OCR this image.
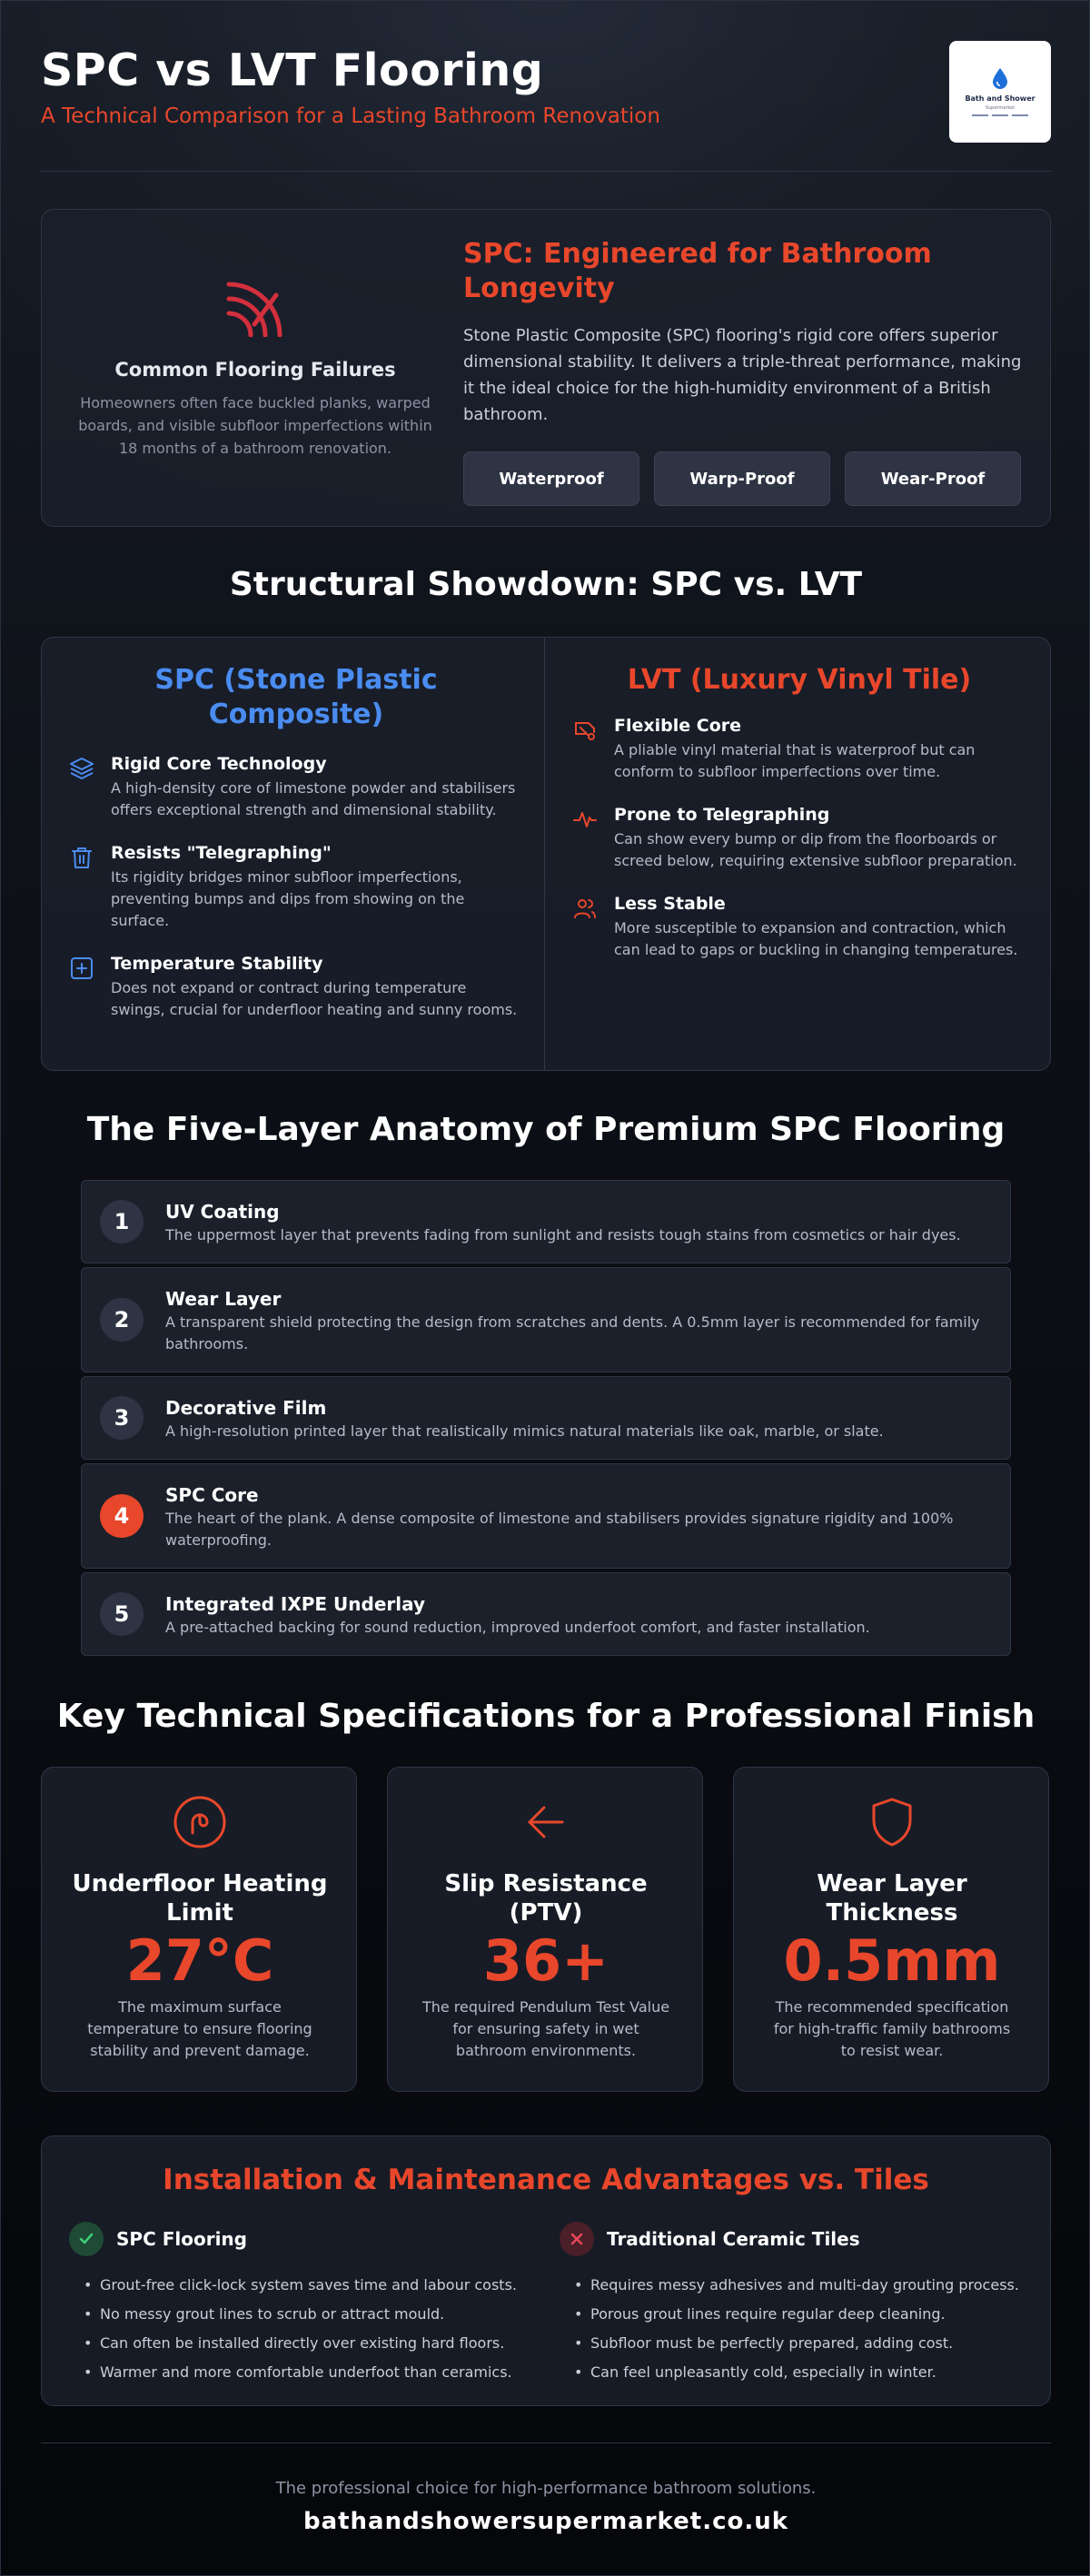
SPC vs LVT Flooring
A Technical Comparison for a Lasting Bathroom Renovation
Bath and Shower
Supermarket
Common Flooring Failures
Homeowners often face buckled planks, warped boards, and visible subfloor imperfections within 18 months of a bathroom renovation.
SPC: Engineered for Bathroom Longevity
Stone Plastic Composite (SPC) flooring's rigid core offers superior dimensional stability. It delivers a triple-threat performance, making it the ideal choice for the high-humidity environment of a British bathroom.
Waterproof	Warp-Proof	Wear-Proof
Structural Showdown: SPC vs. LVT
SPC (Stone Plastic Composite)
Rigid Core Technology
A high-density core of limestone powder and stabilisers offers exceptional strength and dimensional stability.
Resists "Telegraphing"
Its rigidity bridges minor subfloor imperfections, preventing bumps and dips from showing on the surface.
Temperature Stability
Does not expand or contract during temperature swings, crucial for underfloor heating and sunny rooms.
LVT (Luxury Vinyl Tile)
Flexible Core
A pliable vinyl material that is waterproof but can conform to subfloor imperfections over time.
Prone to Telegraphing
Can show every bump or dip from the floorboards or screed below, requiring extensive subfloor preparation.
Less Stable
More susceptible to expansion and contraction, which can lead to gaps or buckling in changing temperatures.
The Five-Layer Anatomy of Premium SPC Flooring
1	UV Coating
The uppermost layer that prevents fading from sunlight and resists tough stains from cosmetics or hair dyes.
2
Wear Layer
A transparent shield protecting the design from scratches and dents. A 0.5mm layer is recommended for family bathrooms.
3	Decorative Film
A high-resolution printed layer that realistically mimics natural materials like oak, marble, or slate.
4
SPC Core
The heart of the plank. A dense composite of limestone and stabilisers provides signature rigidity and 100% waterproofing.
5	Integrated IXPE Underlay
A pre-attached backing for sound reduction, improved underfoot comfort, and faster installation.
Key Technical Specifications for a Professional Finish
Underfloor Heating Limit
27°C
The maximum surface temperature to ensure flooring stability and prevent damage.
Slip Resistance (PTV)
36+
The required Pendulum Test Value for ensuring safety in wet bathroom environments.
Wear Layer Thickness
0.5mm
The recommended specification for high-traffic family bathrooms to resist wear.
Installation & Maintenance Advantages vs. Tiles
SPC Flooring
• Grout-free click-lock system saves time and labour costs.
• No messy grout lines to scrub or attract mould.
• Can often be installed directly over existing hard floors.
• Warmer and more comfortable underfoot than ceramics.
Traditional Ceramic Tiles
• Requires messy adhesives and multi-day grouting process.
• Porous grout lines require regular deep cleaning.
• Subfloor must be perfectly prepared, adding cost.
• Can feel unpleasantly cold, especially in winter.
The professional choice for high-performance bathroom solutions.
bathandshowersupermarket.co.uk
